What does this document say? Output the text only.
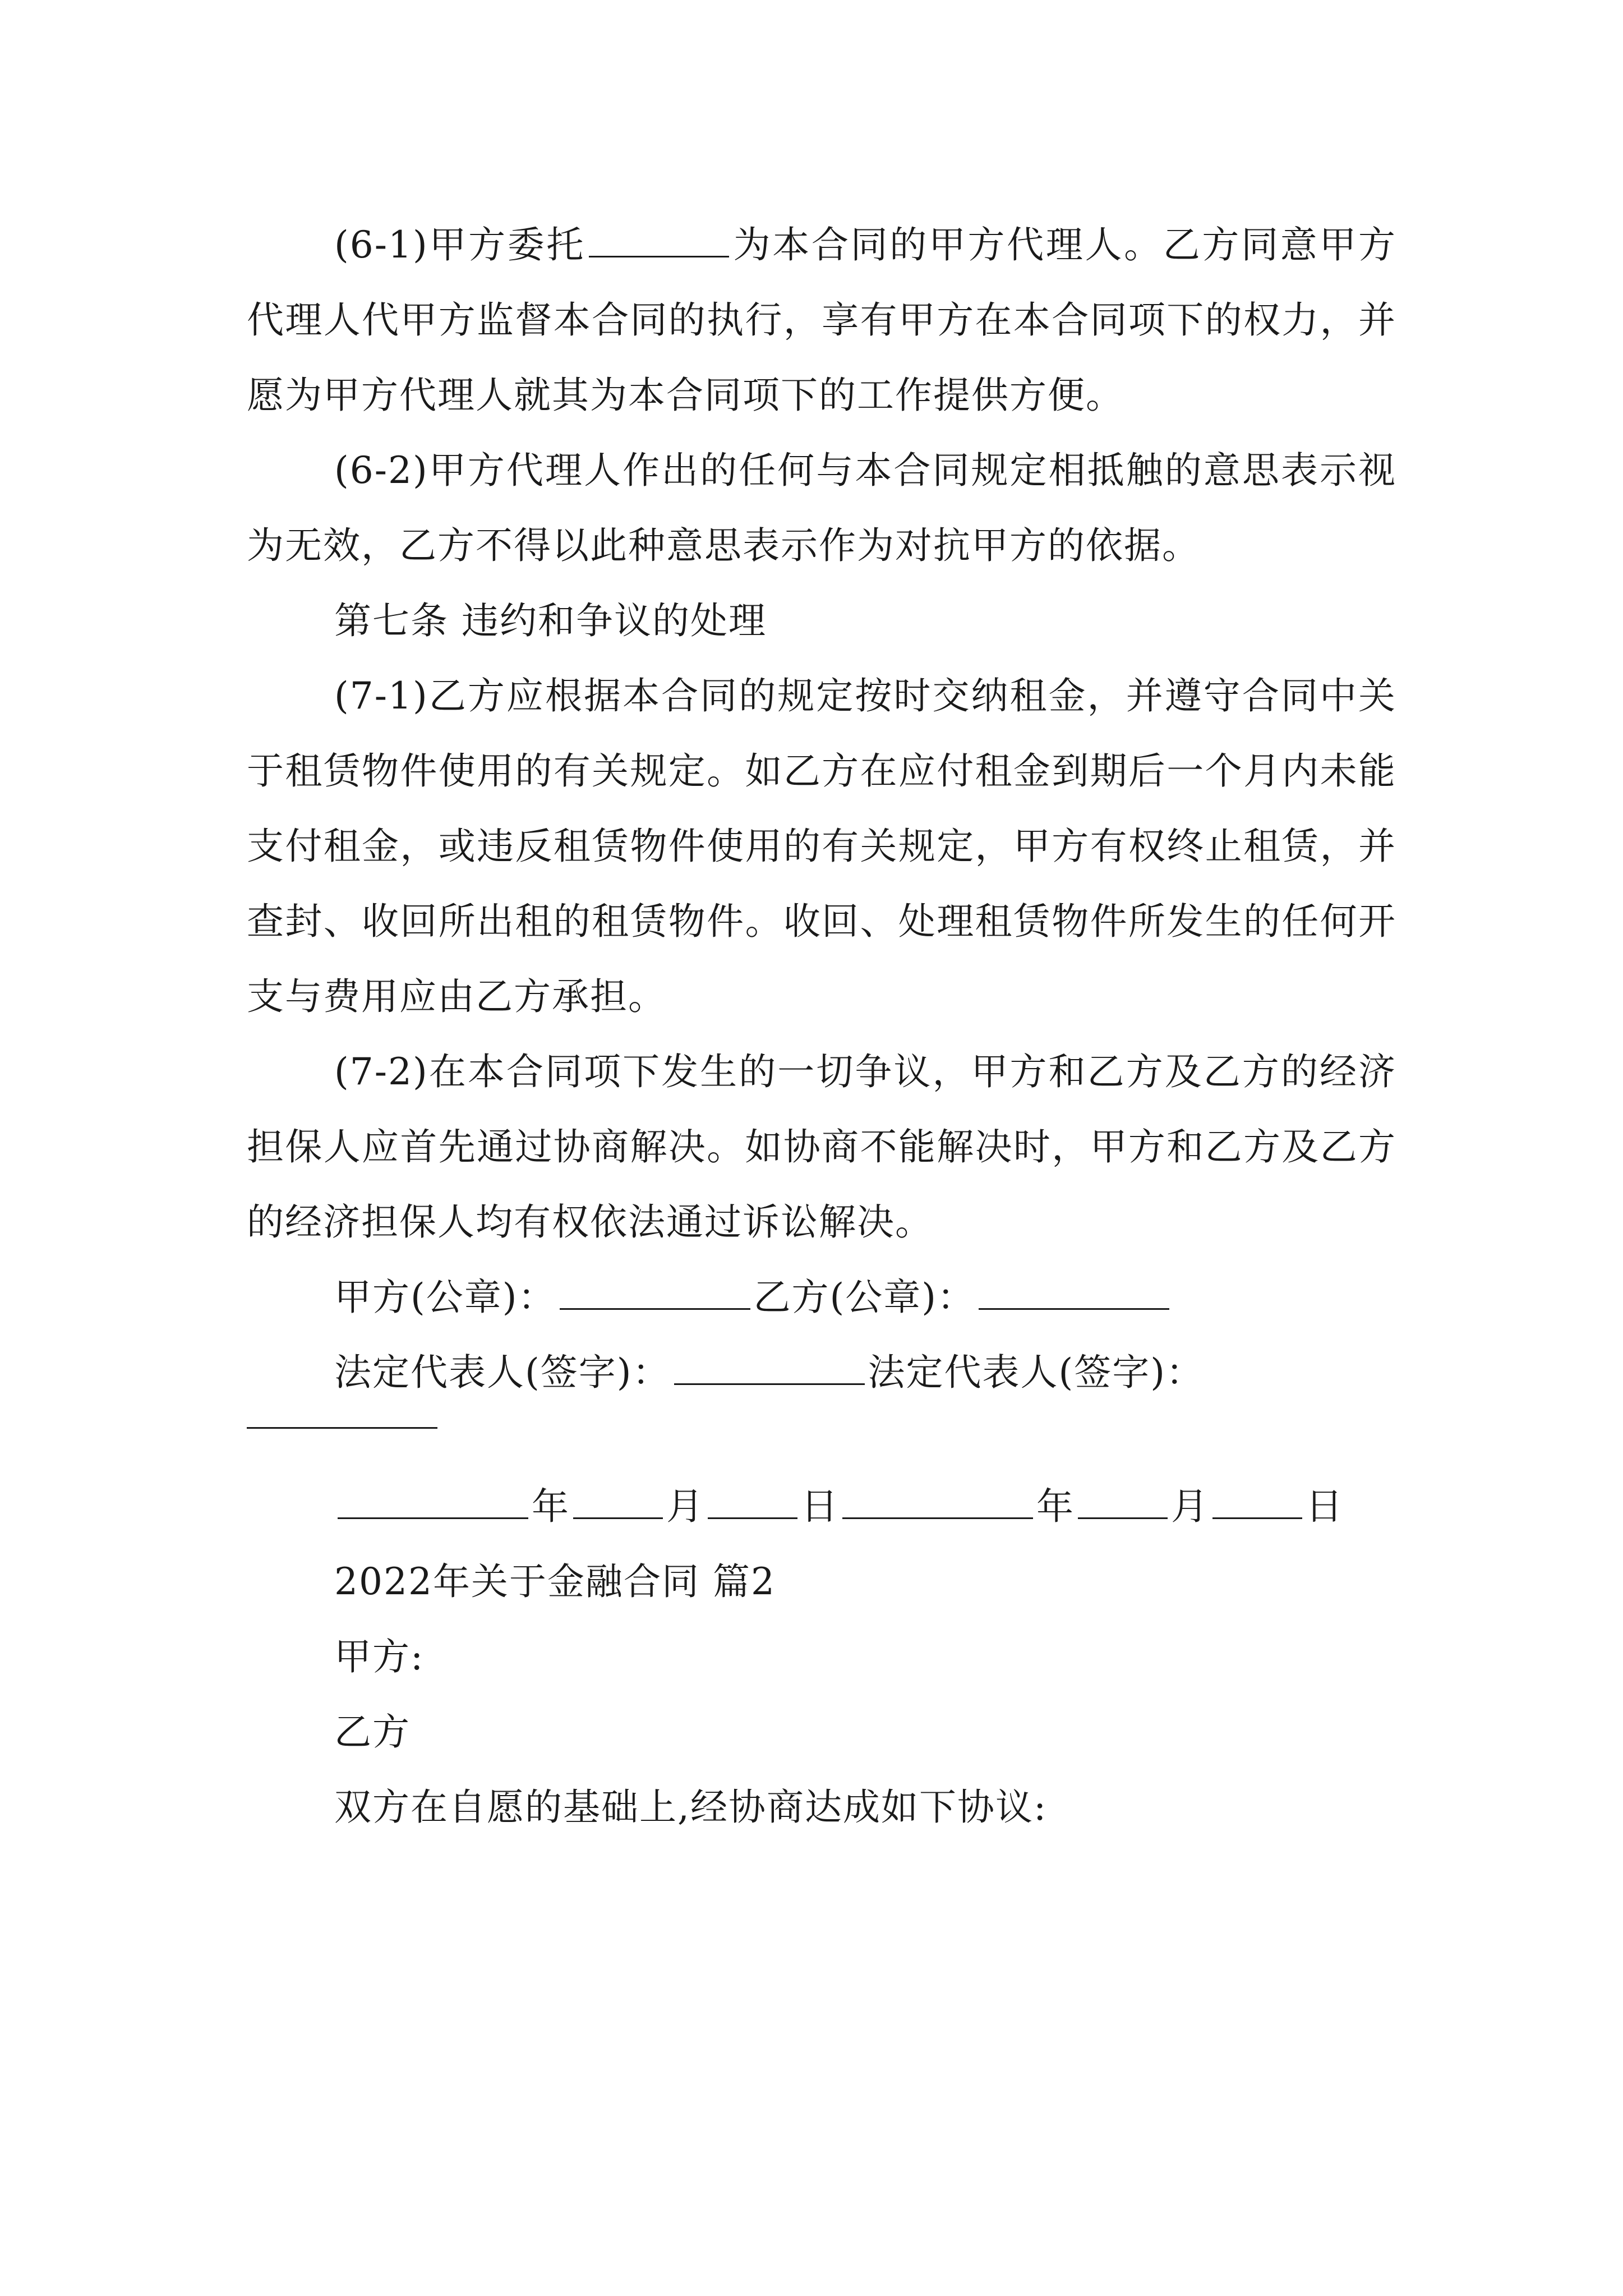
(6-1)甲方委托	为本合同的甲方代理人。乙方同意甲方代理人代甲方监督本合同的执行，享有甲方在本合同项下的权力，并愿为甲方代理人就其为本合同项下的工作提供方便。

(6-2)甲方代理人作出的任何与本合同规定相抵触的意思表示视为无效，乙方不得以此种意思表示作为对抗甲方的依据。

第七条 违约和争议的处理

(7-1)乙方应根据本合同的规定按时交纳租金，并遵守合同中关于租赁物件使用的有关规定。如乙方在应付租金到期后一个月内未能支付租金，或违反租赁物件使用的有关规定，甲方有权终止租赁，并查封、收回所出租的租赁物件。收回、处理租赁物件所发生的任何开支与费用应由乙方承担。

(7-2)在本合同项下发生的一切争议，甲方和乙方及乙方的经济担保人应首先通过协商解决。如协商不能解决时，甲方和乙方及乙方的经济担保人均有权依法通过诉讼解决。

甲方(公章)：	乙方(公章)：

法定代表人(签字)：	法定代表人(签字)：

年	月	日	年	月	日

2022年关于金融合同 篇2

甲方:

乙方

双方在自愿的基础上,经协商达成如下协议:
